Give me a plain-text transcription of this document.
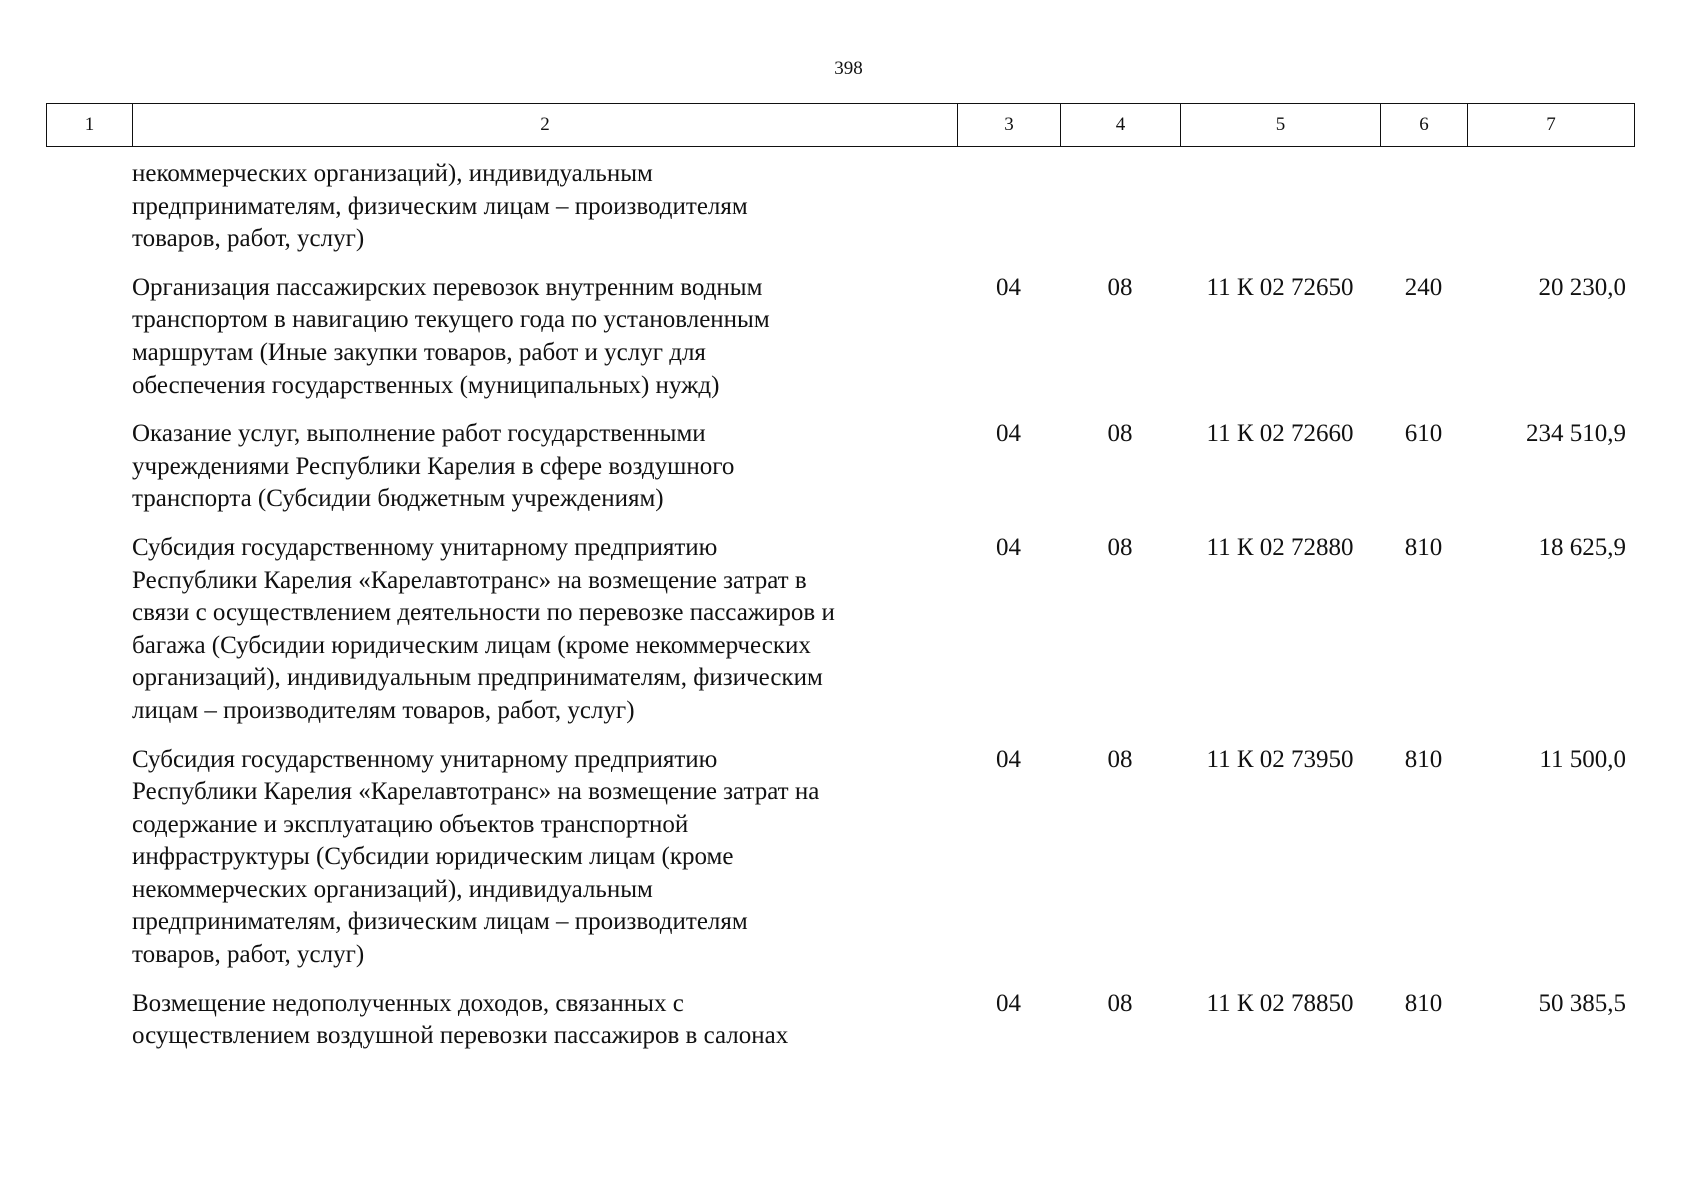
398
1	2	3	4	5	6	7
некоммерческих организаций), индивидуальным
предпринимателям, физическим лицам – производителям
товаров, работ, услуг)
Организация пассажирских перевозок внутренним водным
транспортом в навигацию текущего года по установленным
маршрутам (Иные закупки товаров, работ и услуг для
обеспечения государственных (муниципальных) нужд)
04	08	11 К 02 72650	240	20 230,0
Оказание услуг, выполнение работ государственными
учреждениями Республики Карелия в сфере воздушного
транспорта (Субсидии бюджетным учреждениям)
04	08	11 К 02 72660	610	234 510,9
Субсидия государственному унитарному предприятию
Республики Карелия «Карелавтотранс» на возмещение затрат в
связи с осуществлением деятельности по перевозке пассажиров и
багажа (Субсидии юридическим лицам (кроме некоммерческих
организаций), индивидуальным предпринимателям, физическим
лицам – производителям товаров, работ, услуг)
04	08	11 К 02 72880	810	18 625,9
Субсидия государственному унитарному предприятию
Республики Карелия «Карелавтотранс» на возмещение затрат на
содержание и эксплуатацию объектов транспортной
инфраструктуры (Субсидии юридическим лицам (кроме
некоммерческих организаций), индивидуальным
предпринимателям, физическим лицам – производителям
товаров, работ, услуг)
04	08	11 К 02 73950	810	11 500,0
Возмещение недополученных доходов, связанных с
осуществлением воздушной перевозки пассажиров в салонах
04	08	11 К 02 78850	810	50 385,5
